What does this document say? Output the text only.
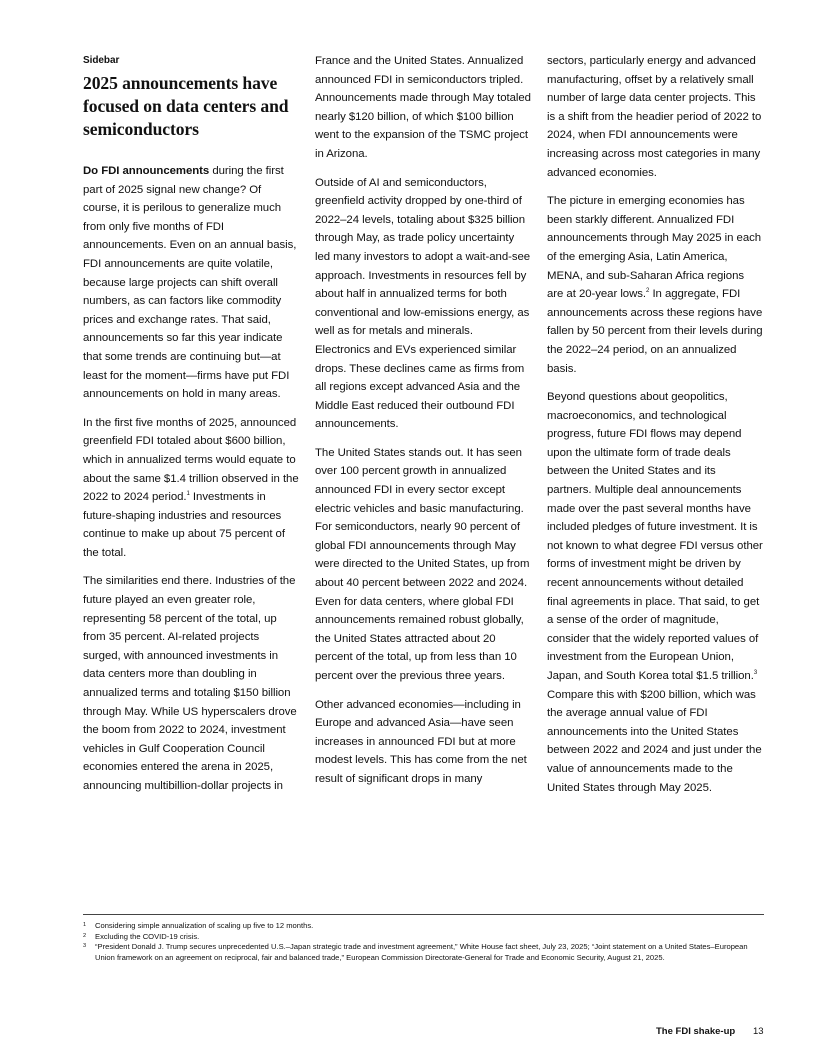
Sidebar
2025 announcements have focused on data centers and semiconductors

Do FDI announcements during the first part of 2025 signal new change? Of course, it is perilous to generalize much from only five months of FDI announcements. Even on an annual basis, FDI announcements are quite volatile, because large projects can shift overall numbers, as can factors like commodity prices and exchange rates. That said, announcements so far this year indicate that some trends are continuing but—at least for the moment—firms have put FDI announcements on hold in many areas.

In the first five months of 2025, announced greenfield FDI totaled about $600 billion, which in annualized terms would equate to about the same $1.4 trillion observed in the 2022 to 2024 period.$^1$ Investments in future-shaping industries and resources continue to make up about 75 percent of the total.

The similarities end there. Industries of the future played an even greater role, representing 58 percent of the total, up from 35 percent. AI-related projects surged, with announced investments in data centers more than doubling in annualized terms and totaling $150 billion through May. While US hyperscalers drove the boom from 2022 to 2024, investment vehicles in Gulf Cooperation Council economies entered the arena in 2025, announcing multibillion-dollar projects in

France and the United States. Annualized announced FDI in semiconductors tripled. Announcements made through May totaled nearly $120 billion, of which $100 billion went to the expansion of the TSMC project in Arizona.

Outside of AI and semiconductors, greenfield activity dropped by one-third of 2022–24 levels, totaling about $325 billion through May, as trade policy uncertainty led many investors to adopt a wait-and-see approach. Investments in resources fell by about half in annualized terms for both conventional and low-emissions energy, as well as for metals and minerals. Electronics and EVs experienced similar drops. These declines came as firms from all regions except advanced Asia and the Middle East reduced their outbound FDI announcements.

The United States stands out. It has seen over 100 percent growth in annualized announced FDI in every sector except electric vehicles and basic manufacturing. For semiconductors, nearly 90 percent of global FDI announcements through May were directed to the United States, up from about 40 percent between 2022 and 2024. Even for data centers, where global FDI announcements remained robust globally, the United States attracted about 20 percent of the total, up from less than 10 percent over the previous three years.

Other advanced economies—including in Europe and advanced Asia—have seen increases in announced FDI but at more modest levels. This has come from the net result of significant drops in many

sectors, particularly energy and advanced manufacturing, offset by a relatively small number of large data center projects. This is a shift from the headier period of 2022 to 2024, when FDI announcements were increasing across most categories in many advanced economies.

The picture in emerging economies has been starkly different. Annualized FDI announcements through May 2025 in each of the emerging Asia, Latin America, MENA, and sub-Saharan Africa regions are at 20-year lows.$^2$ In aggregate, FDI announcements across these regions have fallen by 50 percent from their levels during the 2022–24 period, on an annualized basis.

Beyond questions about geopolitics, macroeconomics, and technological progress, future FDI flows may depend upon the ultimate form of trade deals between the United States and its partners. Multiple deal announcements made over the past several months have included pledges of future investment. It is not known to what degree FDI versus other forms of investment might be driven by recent announcements without detailed final agreements in place. That said, to get a sense of the order of magnitude, consider that the widely reported values of investment from the European Union, Japan, and South Korea total $1.5 trillion.$^3$ Compare this with $200 billion, which was the average annual value of FDI announcements into the United States between 2022 and 2024 and just under the value of announcements made to the United States through May 2025.

1 Considering simple annualization of scaling up five to 12 months.

2 Excluding the COVID-19 crisis.

3 “President Donald J. Trump secures unprecedented U.S.–Japan strategic trade and investment agreement,” White House fact sheet, July 23, 2025; “Joint statement on a United States–European Union framework on an agreement on reciprocal, fair and balanced trade,” European Commission Directorate-General for Trade and Economic Security, August 21, 2025.

The FDI shake-up 13
